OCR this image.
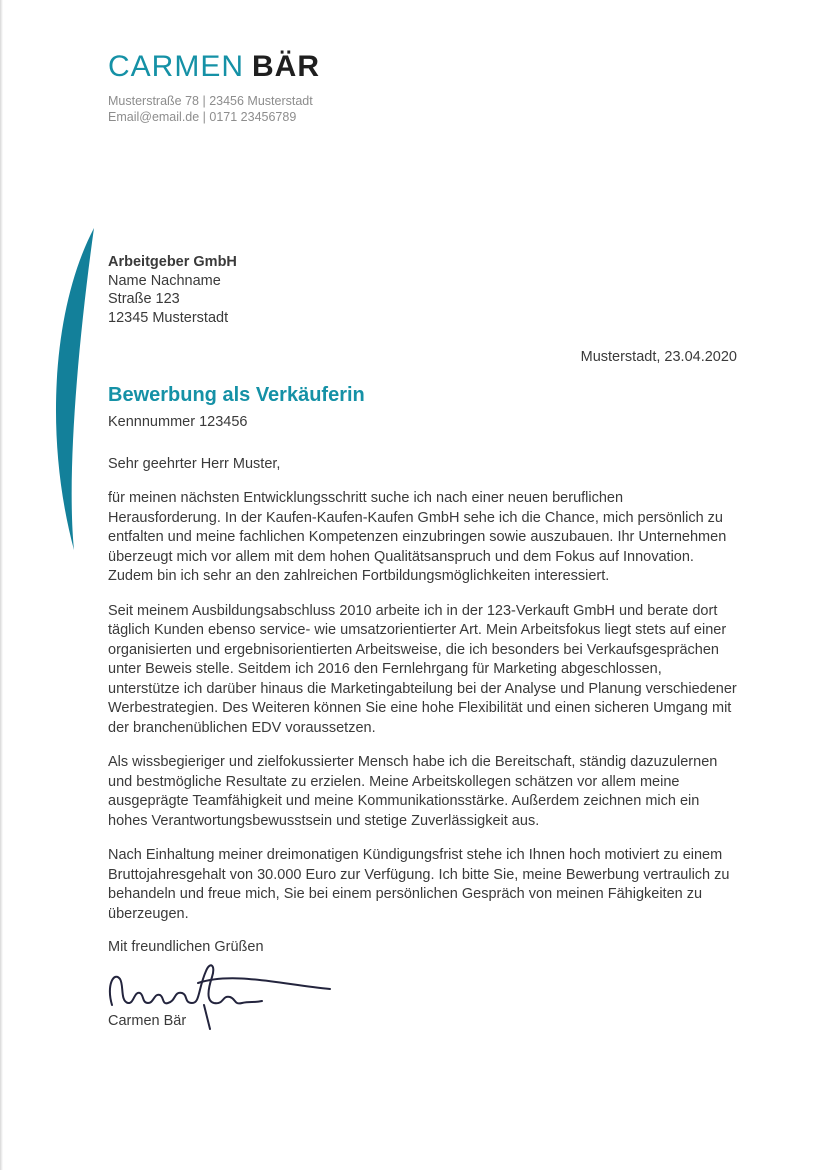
CARMEN BÄR
Musterstraße 78 | 23456 Musterstadt
Email@email.de | 0171 23456789
Arbeitgeber GmbH
Name Nachname
Straße 123
12345 Musterstadt
Musterstadt, 23.04.2020
Bewerbung als Verkäuferin
Kennnummer 123456
Sehr geehrter Herr Muster,

für meinen nächsten Entwicklungsschritt suche ich nach einer neuen beruflichen Herausforderung. In der Kaufen-Kaufen-Kaufen GmbH sehe ich die Chance, mich persönlich zu entfalten und meine fachlichen Kompetenzen einzubringen sowie auszubauen. Ihr Unternehmen überzeugt mich vor allem mit dem hohen Qualitätsanspruch und dem Fokus auf Innovation. Zudem bin ich sehr an den zahlreichen Fortbildungsmöglichkeiten interessiert.

Seit meinem Ausbildungsabschluss 2010 arbeite ich in der 123-Verkauft GmbH und berate dort täglich Kunden ebenso service- wie umsatzorientierter Art. Mein Arbeitsfokus liegt stets auf einer organisierten und ergebnisorientierten Arbeitsweise, die ich besonders bei Verkaufsgesprächen unter Beweis stelle. Seitdem ich 2016 den Fernlehrgang für Marketing abgeschlossen, unterstütze ich darüber hinaus die Marketingabteilung bei der Analyse und Planung verschiedener Werbestrategien. Des Weiteren können Sie eine hohe Flexibilität und einen sicheren Umgang mit der branchenüblichen EDV voraussetzen.

Als wissbegieriger und zielfokussierter Mensch habe ich die Bereitschaft, ständig dazuzulernen und bestmögliche Resultate zu erzielen. Meine Arbeitskollegen schätzen vor allem meine ausgeprägte Teamfähigkeit und meine Kommunikationsstärke. Außerdem zeichnen mich ein hohes Verantwortungsbewusstsein und stetige Zuverlässigkeit aus.

Nach Einhaltung meiner dreimonatigen Kündigungsfrist stehe ich Ihnen hoch motiviert zu einem Bruttojahresgehalt von 30.000 Euro zur Verfügung. Ich bitte Sie, meine Bewerbung vertraulich zu behandeln und freue mich, Sie bei einem persönlichen Gespräch von meinen Fähigkeiten zu überzeugen.

Mit freundlichen Grüßen
Carmen Bär
